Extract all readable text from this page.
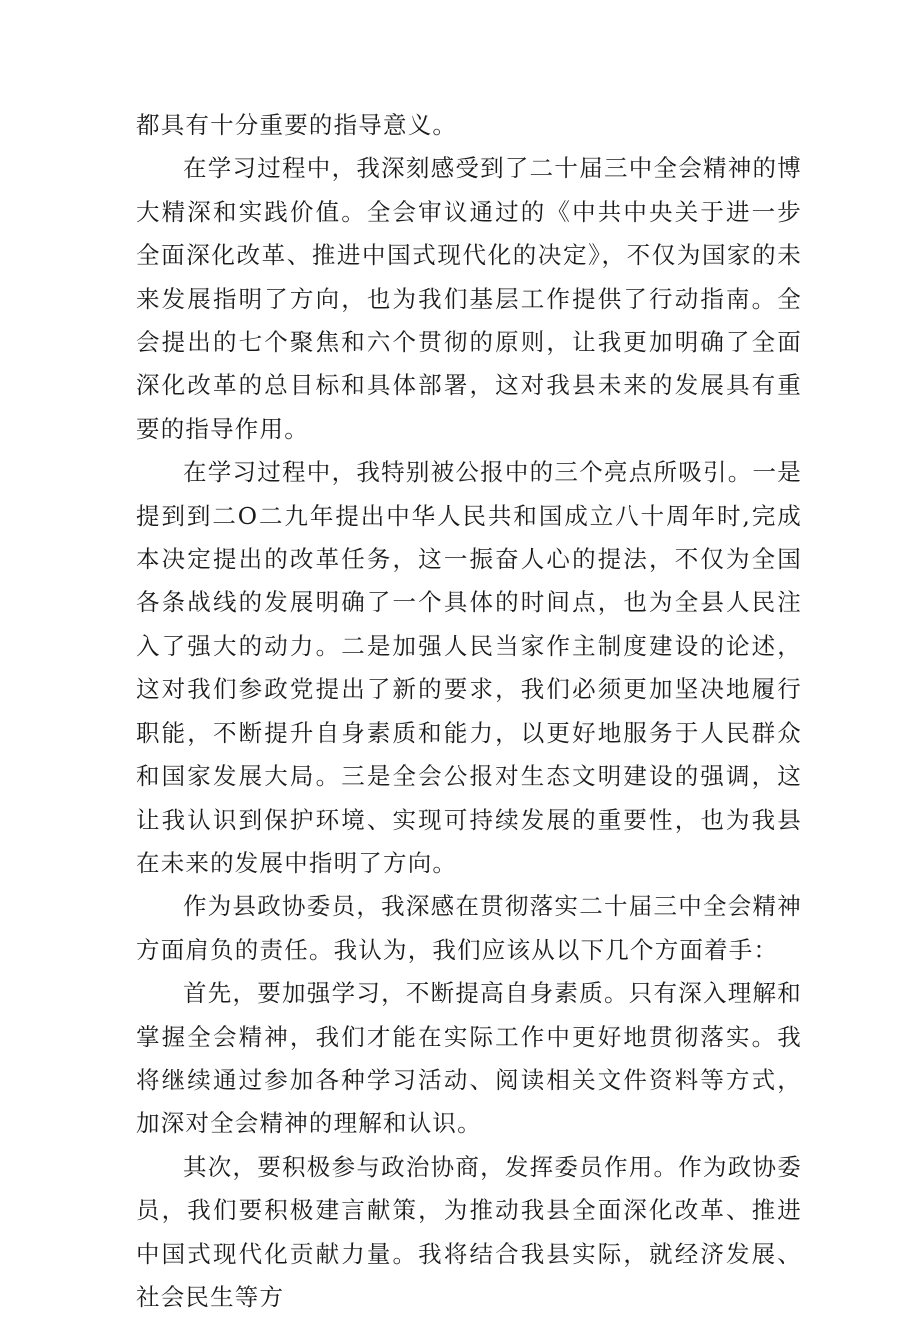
都具有十分重要的指导意义。

在学习过程中，我深刻感受到了二十届三中全会精神的博大精深和实践价值。全会审议通过的《中共中央关于进一步全面深化改革、推进中国式现代化的决定》，不仅为国家的未来发展指明了方向，也为我们基层工作提供了行动指南。全会提出的七个聚焦和六个贯彻的原则，让我更加明确了全面深化改革的总目标和具体部署，这对我县未来的发展具有重要的指导作用。

在学习过程中，我特别被公报中的三个亮点所吸引。一是提到到二O二九年提出中华人民共和国成立八十周年时,完成本决定提出的改革任务，这一振奋人心的提法，不仅为全国各条战线的发展明确了一个具体的时间点，也为全县人民注入了强大的动力。二是加强人民当家作主制度建设的论述，这对我们参政党提出了新的要求，我们必须更加坚决地履行职能，不断提升自身素质和能力，以更好地服务于人民群众和国家发展大局。三是全会公报对生态文明建设的强调，这让我认识到保护环境、实现可持续发展的重要性，也为我县在未来的发展中指明了方向。

作为县政协委员，我深感在贯彻落实二十届三中全会精神方面肩负的责任。我认为，我们应该从以下几个方面着手：

首先，要加强学习，不断提高自身素质。只有深入理解和掌握全会精神，我们才能在实际工作中更好地贯彻落实。我将继续通过参加各种学习活动、阅读相关文件资料等方式，加深对全会精神的理解和认识。

其次，要积极参与政治协商，发挥委员作用。作为政协委员，我们要积极建言献策，为推动我县全面深化改革、推进中国式现代化贡献力量。我将结合我县实际，就经济发展、社会民生等方
